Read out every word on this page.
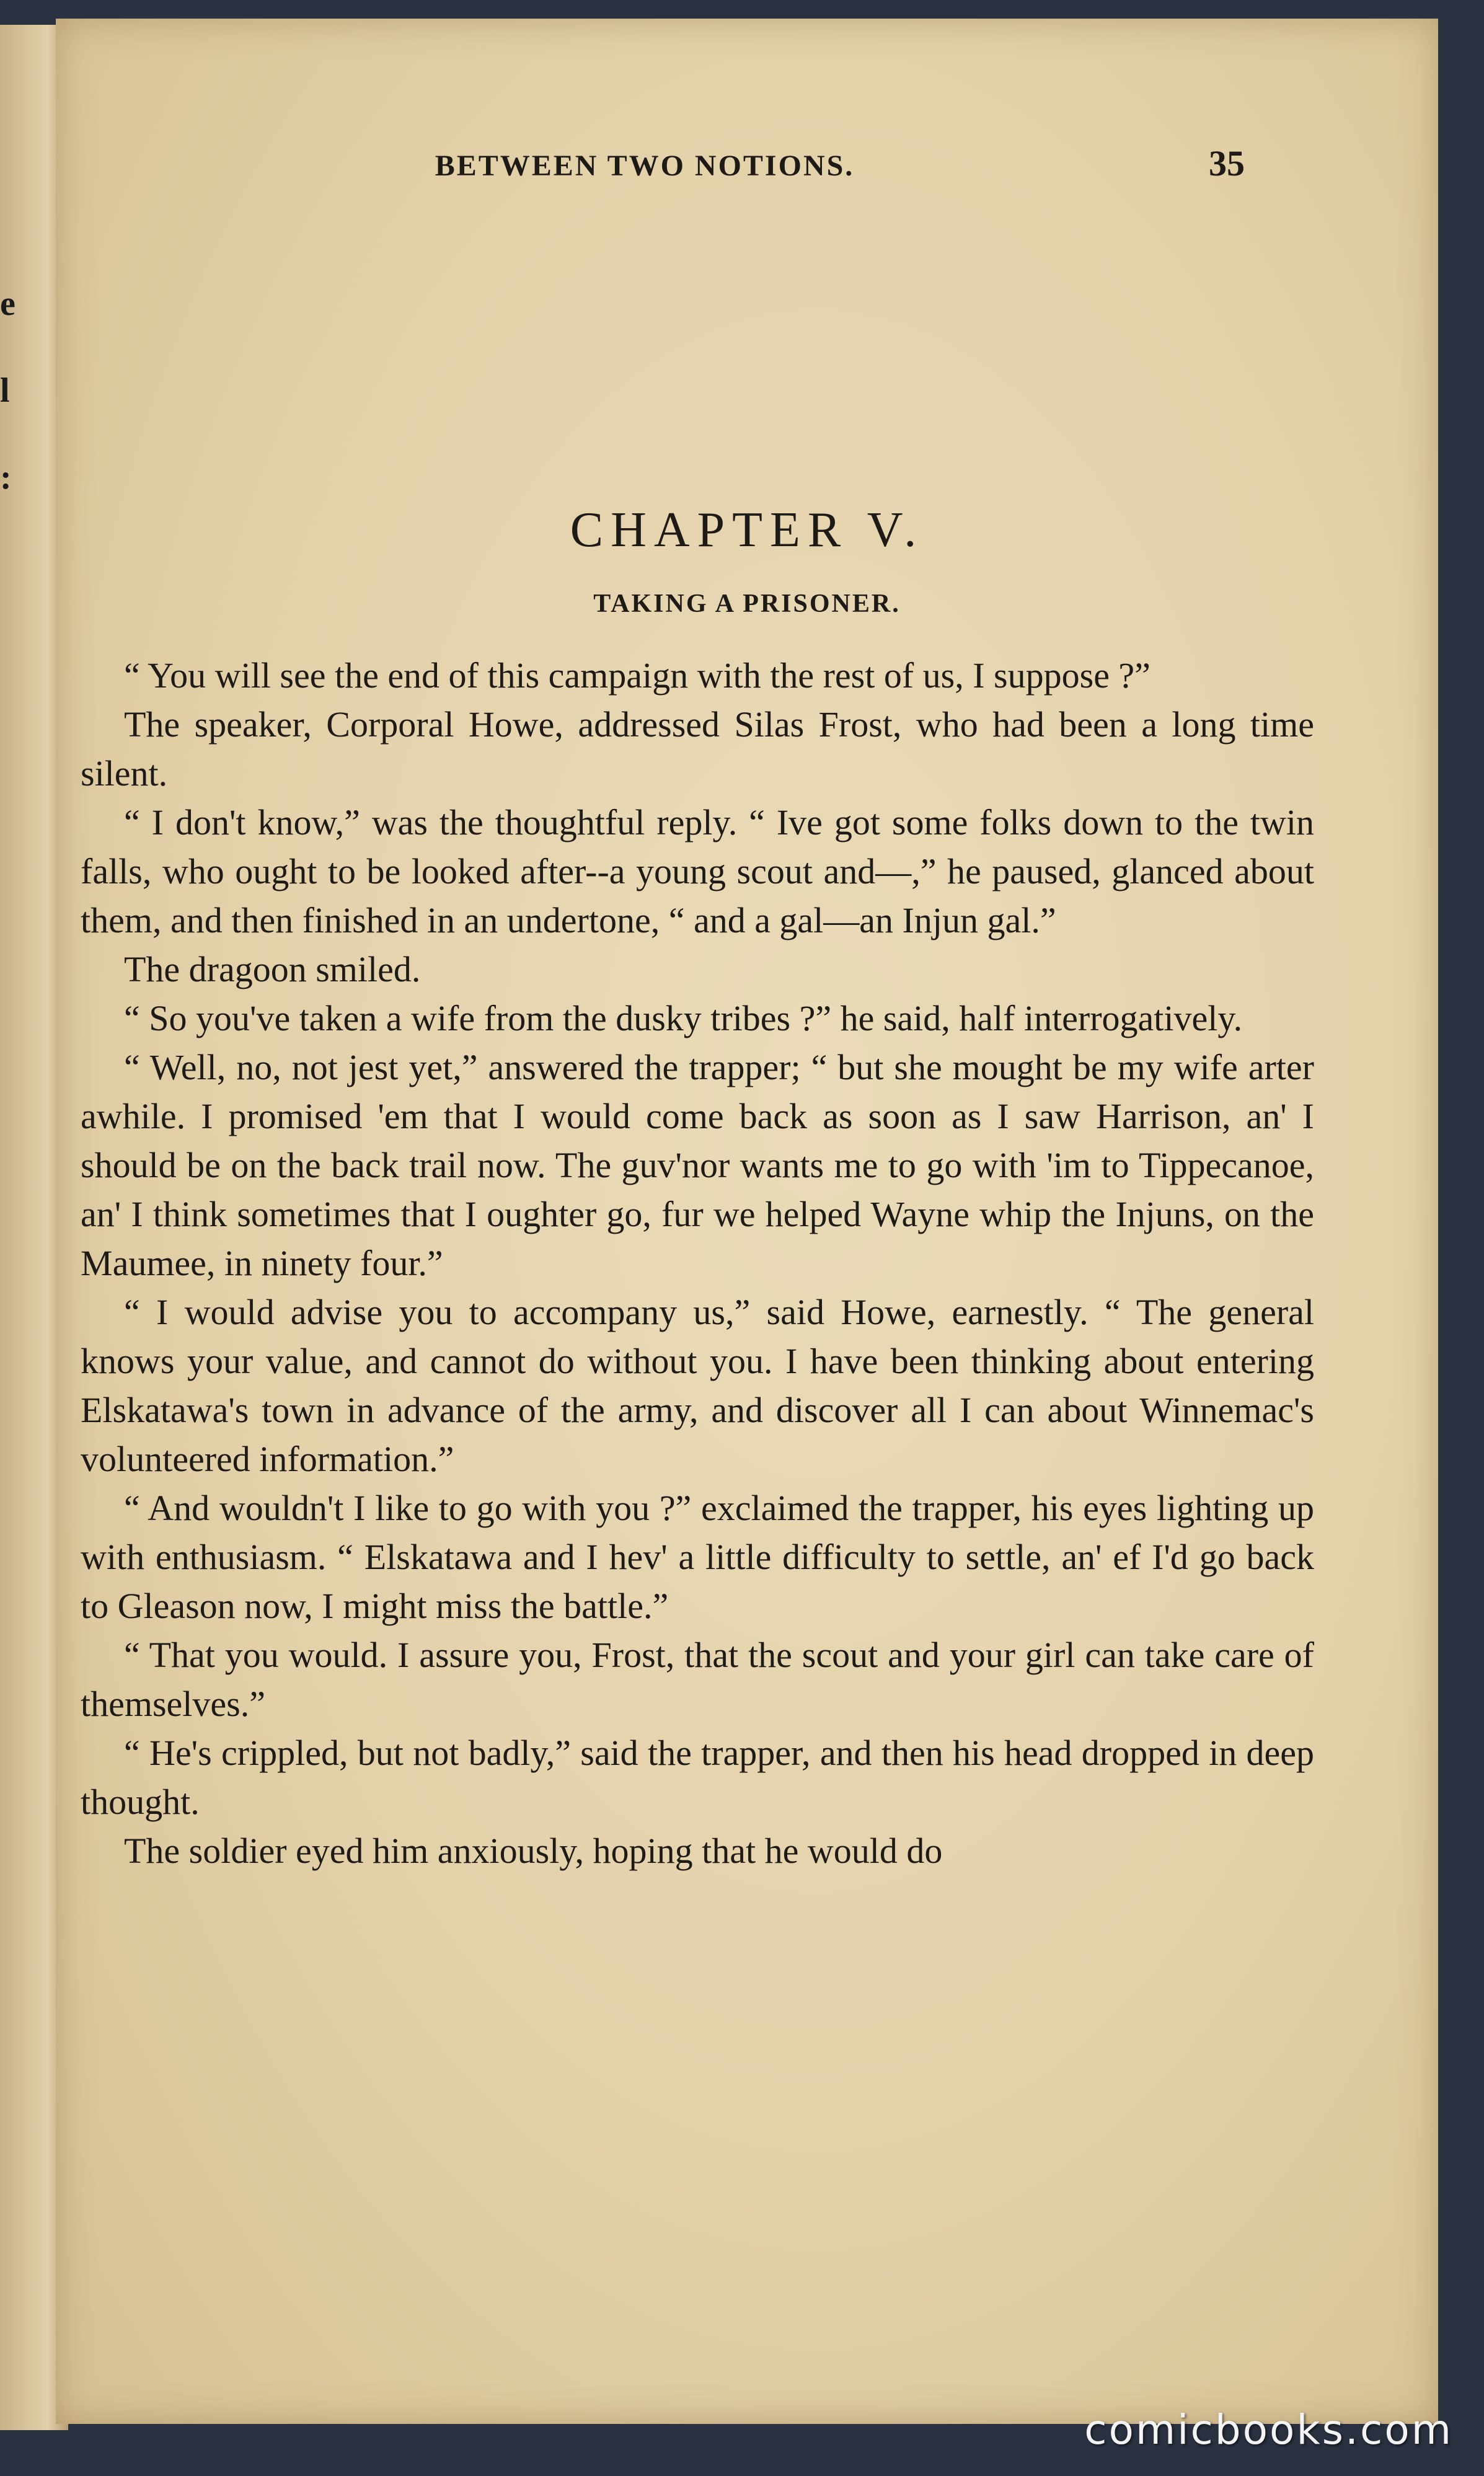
e
l
:
BETWEEN TWO NOTIONS.	35
CHAPTER V.
TAKING A PRISONER.

“ You will see the end of this campaign with the rest of us, I suppose ?”

The speaker, Corporal Howe, addressed Silas Frost, who had been a long time silent.

“ I don't know,” was the thoughtful reply. “ Ive got some folks down to the twin falls, who ought to be looked after--a young scout and—,” he paused, glanced about them, and then finished in an undertone, “ and a gal—an Injun gal.”

The dragoon smiled.

“ So you've taken a wife from the dusky tribes ?” he said, half interrogatively.

“ Well, no, not jest yet,” answered the trapper; “ but she mought be my wife arter awhile. I promised 'em that I would come back as soon as I saw Harrison, an' I should be on the back trail now. The guv'nor wants me to go with 'im to Tippecanoe, an' I think sometimes that I oughter go, fur we helped Wayne whip the Injuns, on the Maumee, in ninety four.”

“ I would advise you to accompany us,” said Howe, earnestly. “ The general knows your value, and cannot do without you. I have been thinking about entering Elskatawa's town in advance of the army, and discover all I can about Winnemac's volunteered information.”

“ And wouldn't I like to go with you ?” exclaimed the trapper, his eyes lighting up with enthusiasm. “ Elskatawa and I hev' a little difficulty to settle, an' ef I'd go back to Gleason now, I might miss the battle.”

“ That you would. I assure you, Frost, that the scout and your girl can take care of themselves.”

“ He's crippled, but not badly,” said the trapper, and then his head dropped in deep thought.

The soldier eyed him anxiously, hoping that he would do

comicbooks.com
